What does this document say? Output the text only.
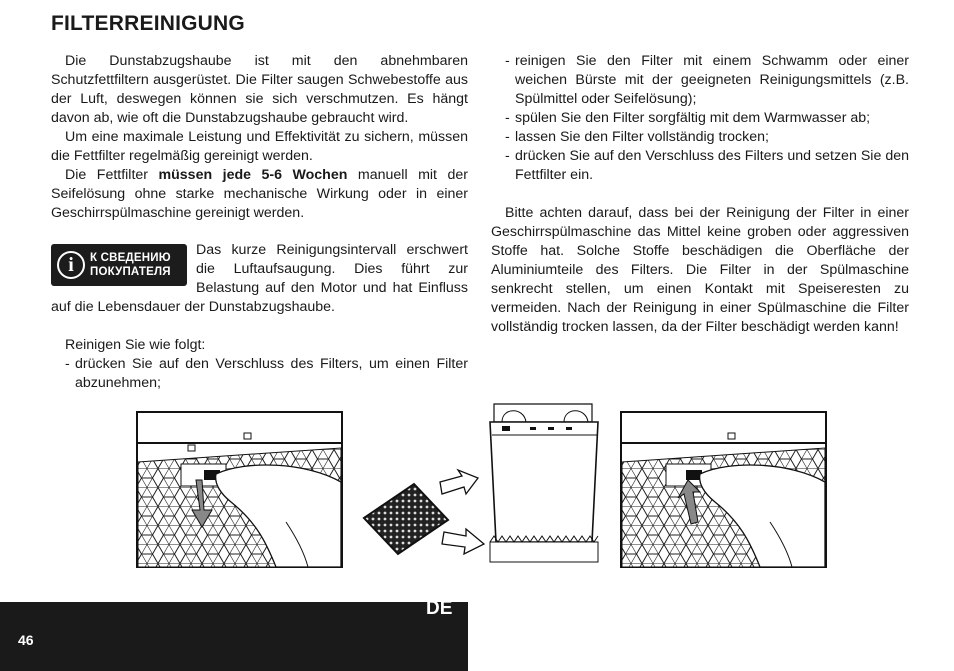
FILTERREINIGUNG

Die Dunstabzugshaube ist mit den abnehmbaren Schutzfettfiltern ausgerüstet. Die Filter saugen Schwebestoffe aus der Luft, deswegen können sie sich verschmutzen. Es hängt davon ab, wie oft die Dunstabzugshaube gebraucht wird.

Um eine maximale Leistung und Effektivität zu sichern, müssen die Fettfilter regelmäßig gereinigt werden.

Die Fettfilter müssen jede 5-6 Wochen manuell mit der Seifelösung ohne starke mechanische Wirkung oder in einer Geschirrspülmaschine gereinigt werden.

i	К СВЕДЕНИЮ
ПОКУПАТЕЛЯ

Das kurze Reinigungsintervall erschwert die Luftaufsaugung. Dies führt zur Belastung auf den Motor und hat Einfluss auf die Lebensdauer der Dunstabzugshaube.

Reinigen Sie wie folgt:

- drücken Sie auf den Verschluss des Filters, um einen Filter abzunehmen;
- reinigen Sie den Filter mit einem Schwamm oder einer weichen Bürste mit der geeigneten Reinigungsmittels (z.B. Spülmittel oder Seifelösung);
- spülen Sie den Filter sorgfältig mit dem Warmwasser ab;
- lassen Sie den Filter vollständig trocken;
- drücken Sie auf den Verschluss des Filters und setzen Sie den Fettfilter ein.

Bitte achten darauf, dass bei der Reinigung der Filter in einer Geschirrspülmaschine das Mittel keine groben oder aggressiven Stoffe hat. Solche Stoffe beschädigen die Oberfläche der Aluminiumteile des Filters. Die Filter in der Spülmaschine senkrecht stellen, um einen Kontakt mit Speiseresten zu vermeiden. Nach der Reinigung in einer Spülmaschine die Filter vollständig trocken lassen, da der Filter beschädigt werden kann!

46
DE
